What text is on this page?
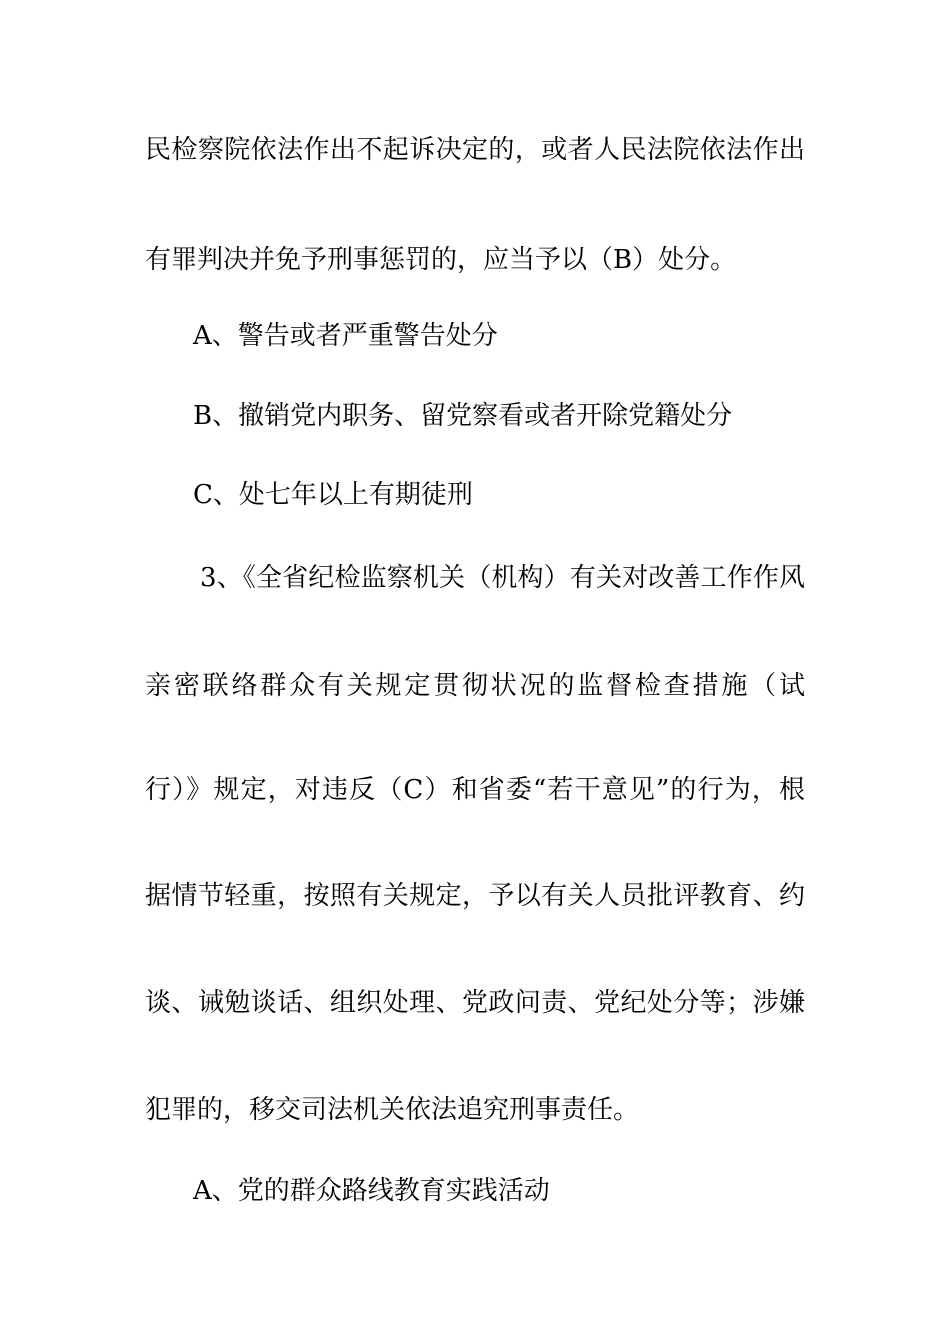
民检察院依法作出不起诉决定的，或者人民法院依法作出
有罪判决并免予刑事惩罚的，应当予以（B）处分。
A、警告或者严重警告处分
B、撤销党内职务、留党察看或者开除党籍处分
C、处七年以上有期徒刑
3、《全省纪检监察机关（机构）有关对改善工作作风
亲密联络群众有关规定贯彻状况的监督检查措施（试
行）》规定，对违反（C）和省委“若干意见”的行为，根
据情节轻重，按照有关规定，予以有关人员批评教育、约
谈、诫勉谈话、组织处理、党政问责、党纪处分等；涉嫌
犯罪的，移交司法机关依法追究刑事责任。
A、党的群众路线教育实践活动
